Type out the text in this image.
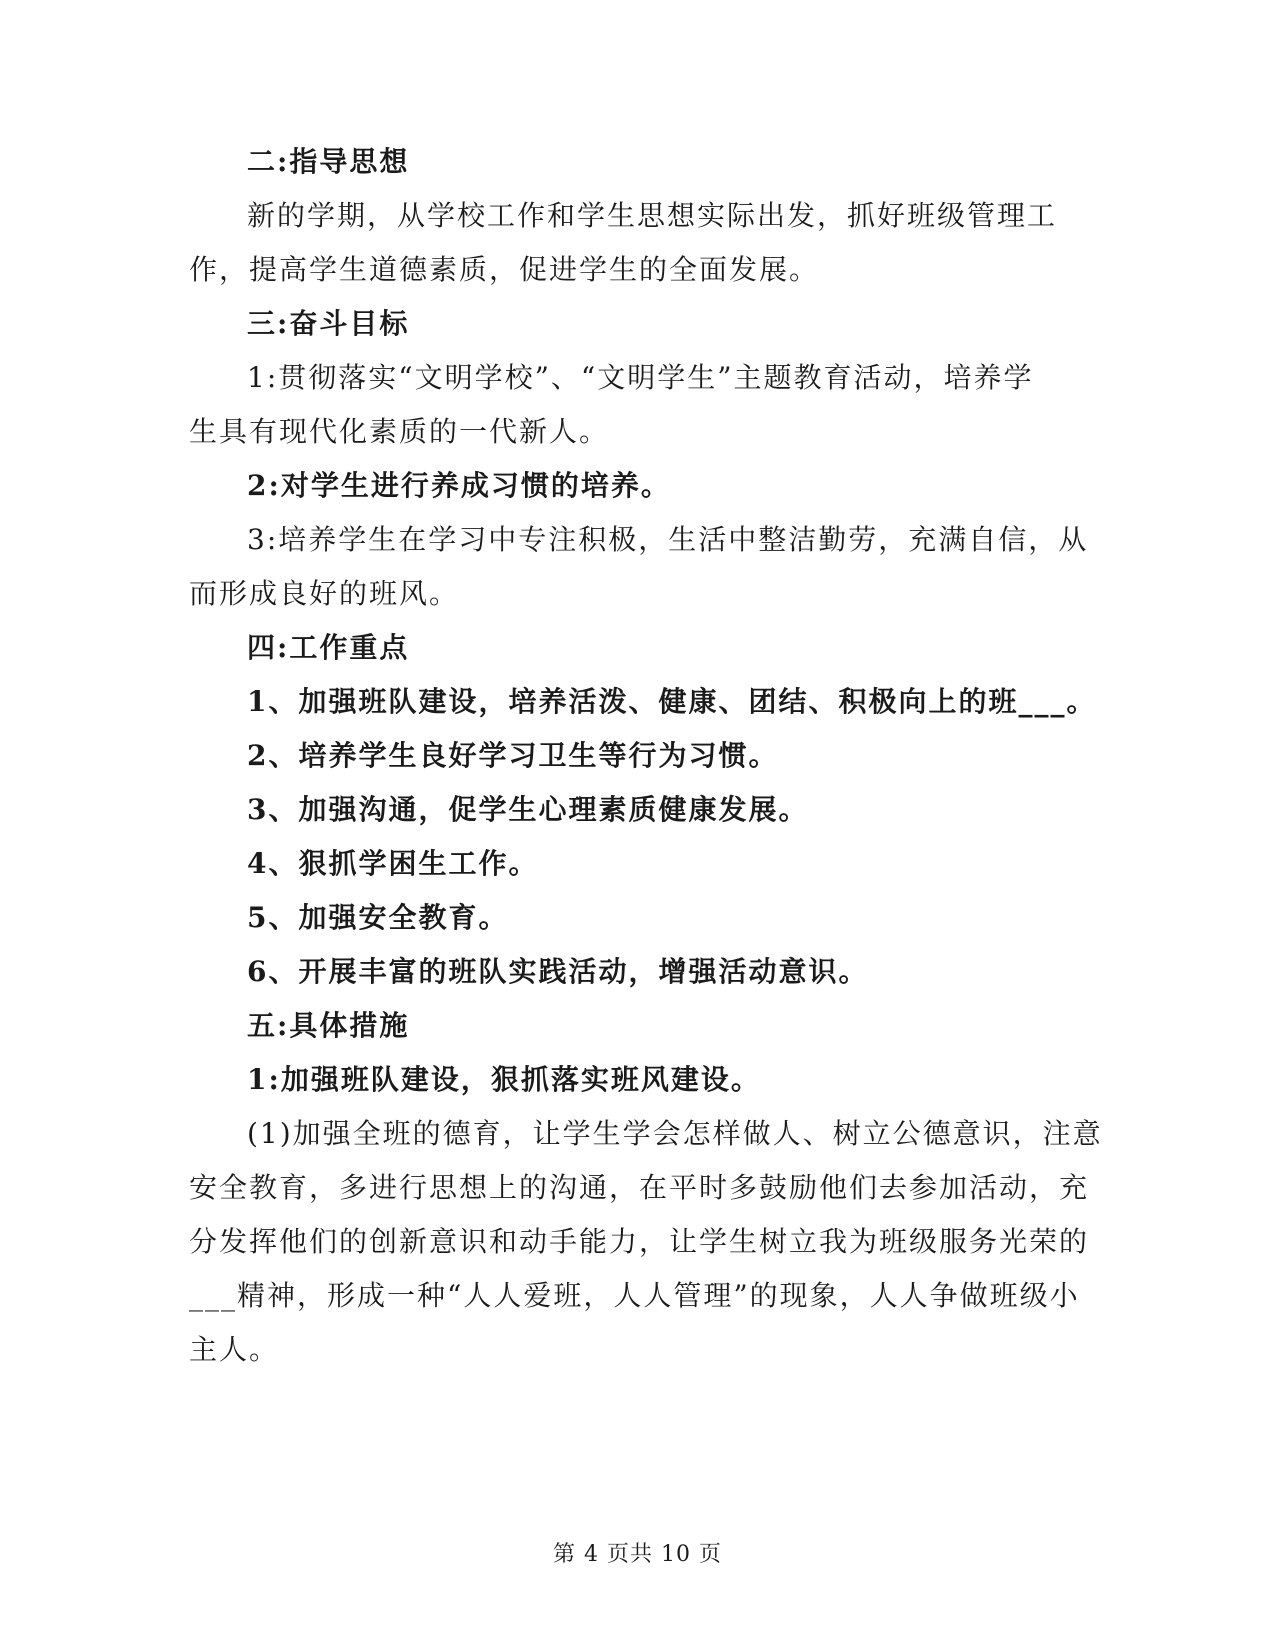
二:指导思想

新的学期，从学校工作和学生思想实际出发，抓好班级管理工

作，提高学生道德素质，促进学生的全面发展。

三:奋斗目标

1:贯彻落实“文明学校”、“文明学生”主题教育活动，培养学

生具有现代化素质的一代新人。

2:对学生进行养成习惯的培养。

3:培养学生在学习中专注积极，生活中整洁勤劳，充满自信，从

而形成良好的班风。

四:工作重点

1、加强班队建设，培养活泼、健康、团结、积极向上的班___。

2、培养学生良好学习卫生等行为习惯。

3、加强沟通，促学生心理素质健康发展。

4、狠抓学困生工作。

5、加强安全教育。

6、开展丰富的班队实践活动，增强活动意识。

五:具体措施

1:加强班队建设，狠抓落实班风建设。

(1)加强全班的德育，让学生学会怎样做人、树立公德意识，注意

安全教育，多进行思想上的沟通，在平时多鼓励他们去参加活动，充

分发挥他们的创新意识和动手能力，让学生树立我为班级服务光荣的

___精神，形成一种“人人爱班，人人管理”的现象，人人争做班级小

主人。

第 4 页共 10 页
